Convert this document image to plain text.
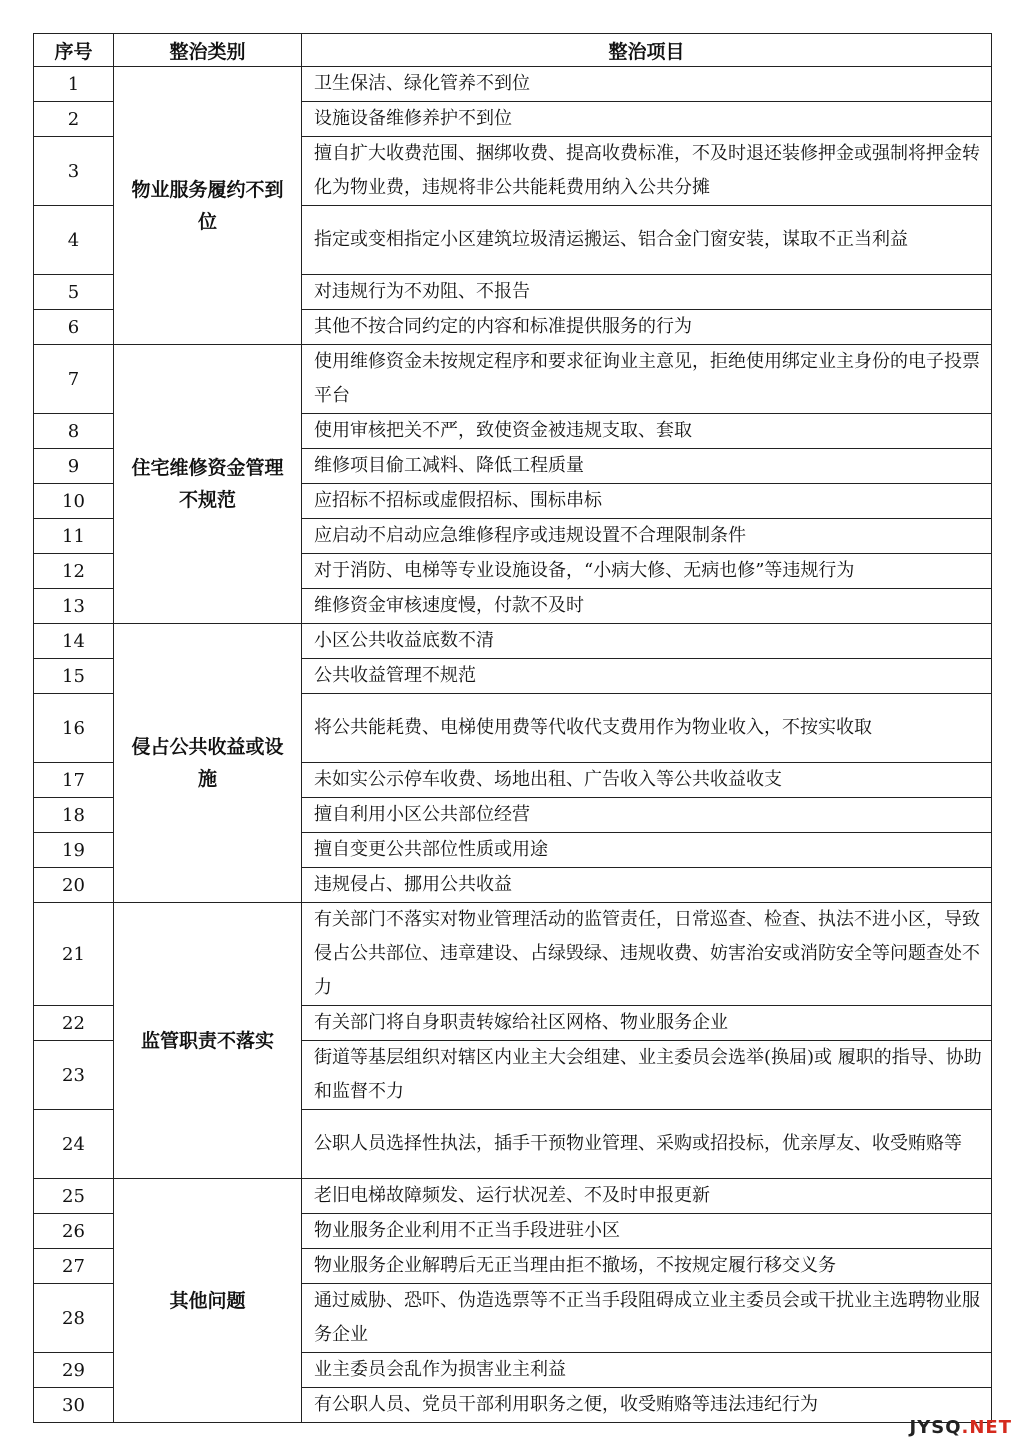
序号	整治类别	整治项目
1	物业服务履约不到位	卫生保洁、绿化管养不到位
2		设施设备维修养护不到位
3		擅自扩大收费范围、捆绑收费、提高收费标准，不及时退还装修押金或强制将押金转化为物业费，违规将非公共能耗费用纳入公共分摊
4		指定或变相指定小区建筑垃圾清运搬运、铝合金门窗安装，谋取不正当利益
5		对违规行为不劝阻、不报告
6		其他不按合同约定的内容和标准提供服务的行为
7	住宅维修资金管理不规范	使用维修资金未按规定程序和要求征询业主意见，拒绝使用绑定业主身份的电子投票平台
8		使用审核把关不严，致使资金被违规支取、套取
9		维修项目偷工减料、降低工程质量
10		应招标不招标或虚假招标、围标串标
11		应启动不启动应急维修程序或违规设置不合理限制条件
12		对于消防、电梯等专业设施设备，“小病大修、无病也修”等违规行为
13		维修资金审核速度慢，付款不及时
14	侵占公共收益或设施	小区公共收益底数不清
15		公共收益管理不规范
16		将公共能耗费、电梯使用费等代收代支费用作为物业收入，不按实收取
17		未如实公示停车收费、场地出租、广告收入等公共收益收支
18		擅自利用小区公共部位经营
19		擅自变更公共部位性质或用途
20		违规侵占、挪用公共收益
21	监管职责不落实	有关部门不落实对物业管理活动的监管责任，日常巡查、检查、执法不进小区，导致侵占公共部位、违章建设、占绿毁绿、违规收费、妨害治安或消防安全等问题查处不力
22		有关部门将自身职责转嫁给社区网格、物业服务企业
23		街道等基层组织对辖区内业主大会组建、业主委员会选举(换届)或 履职的指导、协助和监督不力
24		公职人员选择性执法，插手干预物业管理、采购或招投标，优亲厚友、收受贿赂等
25	其他问题	老旧电梯故障频发、运行状况差、不及时申报更新
26		物业服务企业利用不正当手段进驻小区
27		物业服务企业解聘后无正当理由拒不撤场，不按规定履行移交义务
28		通过威胁、恐吓、伪造选票等不正当手段阻碍成立业主委员会或干扰业主选聘物业服务企业
29		业主委员会乱作为损害业主利益
30		有公职人员、党员干部利用职务之便，收受贿赂等违法违纪行为
JYSQ.NET
